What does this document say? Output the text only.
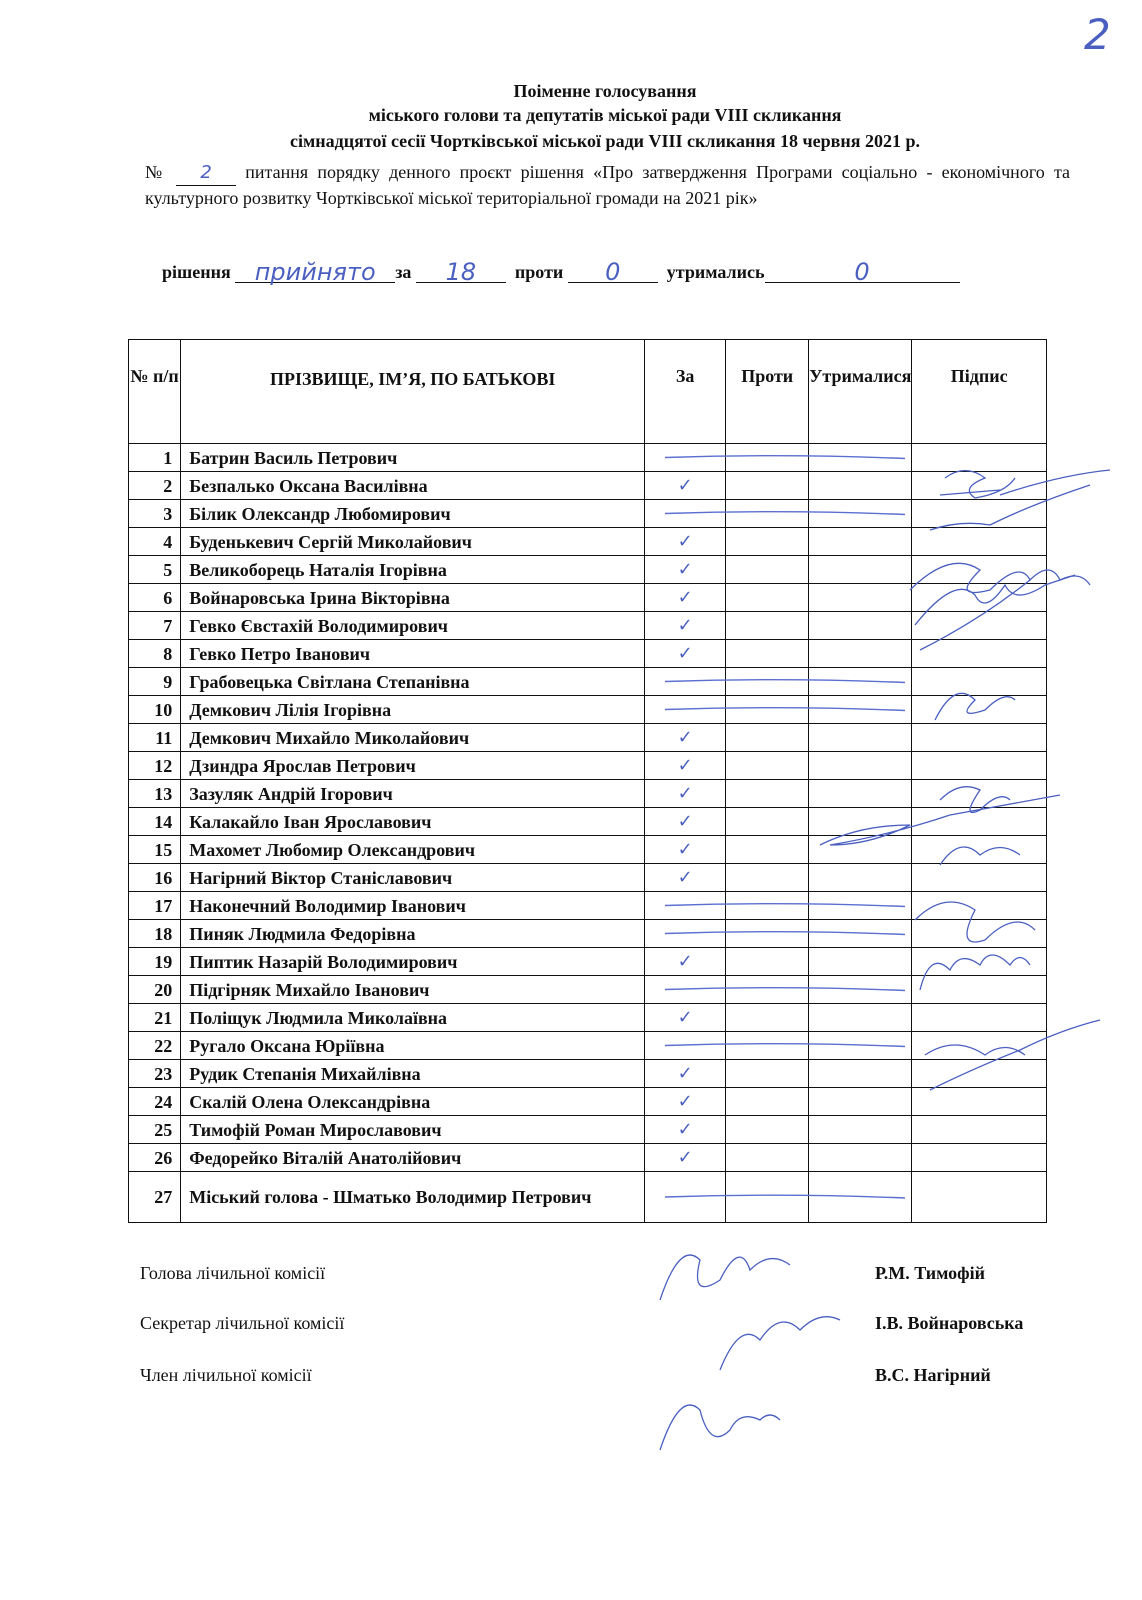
2
Поіменне голосування
міського голови та депутатів міської ради VIII скликання
сімнадцятої сесії Чортківської міської ради VIII скликання 18 червня 2021 р.
№ 2 питання порядку денного проєкт рішення «Про затвердження Програми соціально - економічного та культурного розвитку Чортківської міської територіальної громади на 2021 рік»
рішення прийнято за 18 проти 0	утримались	0
№ п/п	ПРІЗВИЩЕ, ІМ’Я, ПО БАТЬКОВІ	За	Проти	Утрималися	Підпис
1	Батрин Василь Петрович				
2	Безпалько Оксана Василівна	✓			
3	Білик Олександр Любомирович				
4	Буденькевич Сергій Миколайович	✓			
5	Великоборець Наталія Ігорівна	✓			
6	Войнаровська Ірина Вікторівна	✓			
7	Гевко Євстахій Володимирович	✓			
8	Гевко Петро Іванович	✓			
9	Грабовецька Світлана Степанівна				
10	Демкович Лілія Ігорівна				
11	Демкович Михайло Миколайович	✓			
12	Дзиндра Ярослав Петрович	✓			
13	Зазуляк Андрій Ігорович	✓			
14	Калакайло Іван Ярославович	✓			
15	Махомет Любомир Олександрович	✓			
16	Нагірний Віктор Станіславович	✓			
17	Наконечний Володимир Іванович				
18	Пиняк Людмила Федорівна				
19	Пиптик Назарій Володимирович	✓			
20	Підгірняк Михайло Іванович				
21	Поліщук Людмила Миколаївна	✓			
22	Ругало Оксана Юріївна				
23	Рудик Степанія Михайлівна	✓			
24	Скалій Олена Олександрівна	✓			
25	Тимофій Роман Мирославович	✓			
26	Федорейко Віталій Анатолійович	✓			
27	Міський голова - Шматько Володимир Петрович				
Голова лічильної комісії	Р.М. Тимофій
Секретар лічильної комісії	І.В. Войнаровська
Член лічильної комісії	В.С. Нагірний
